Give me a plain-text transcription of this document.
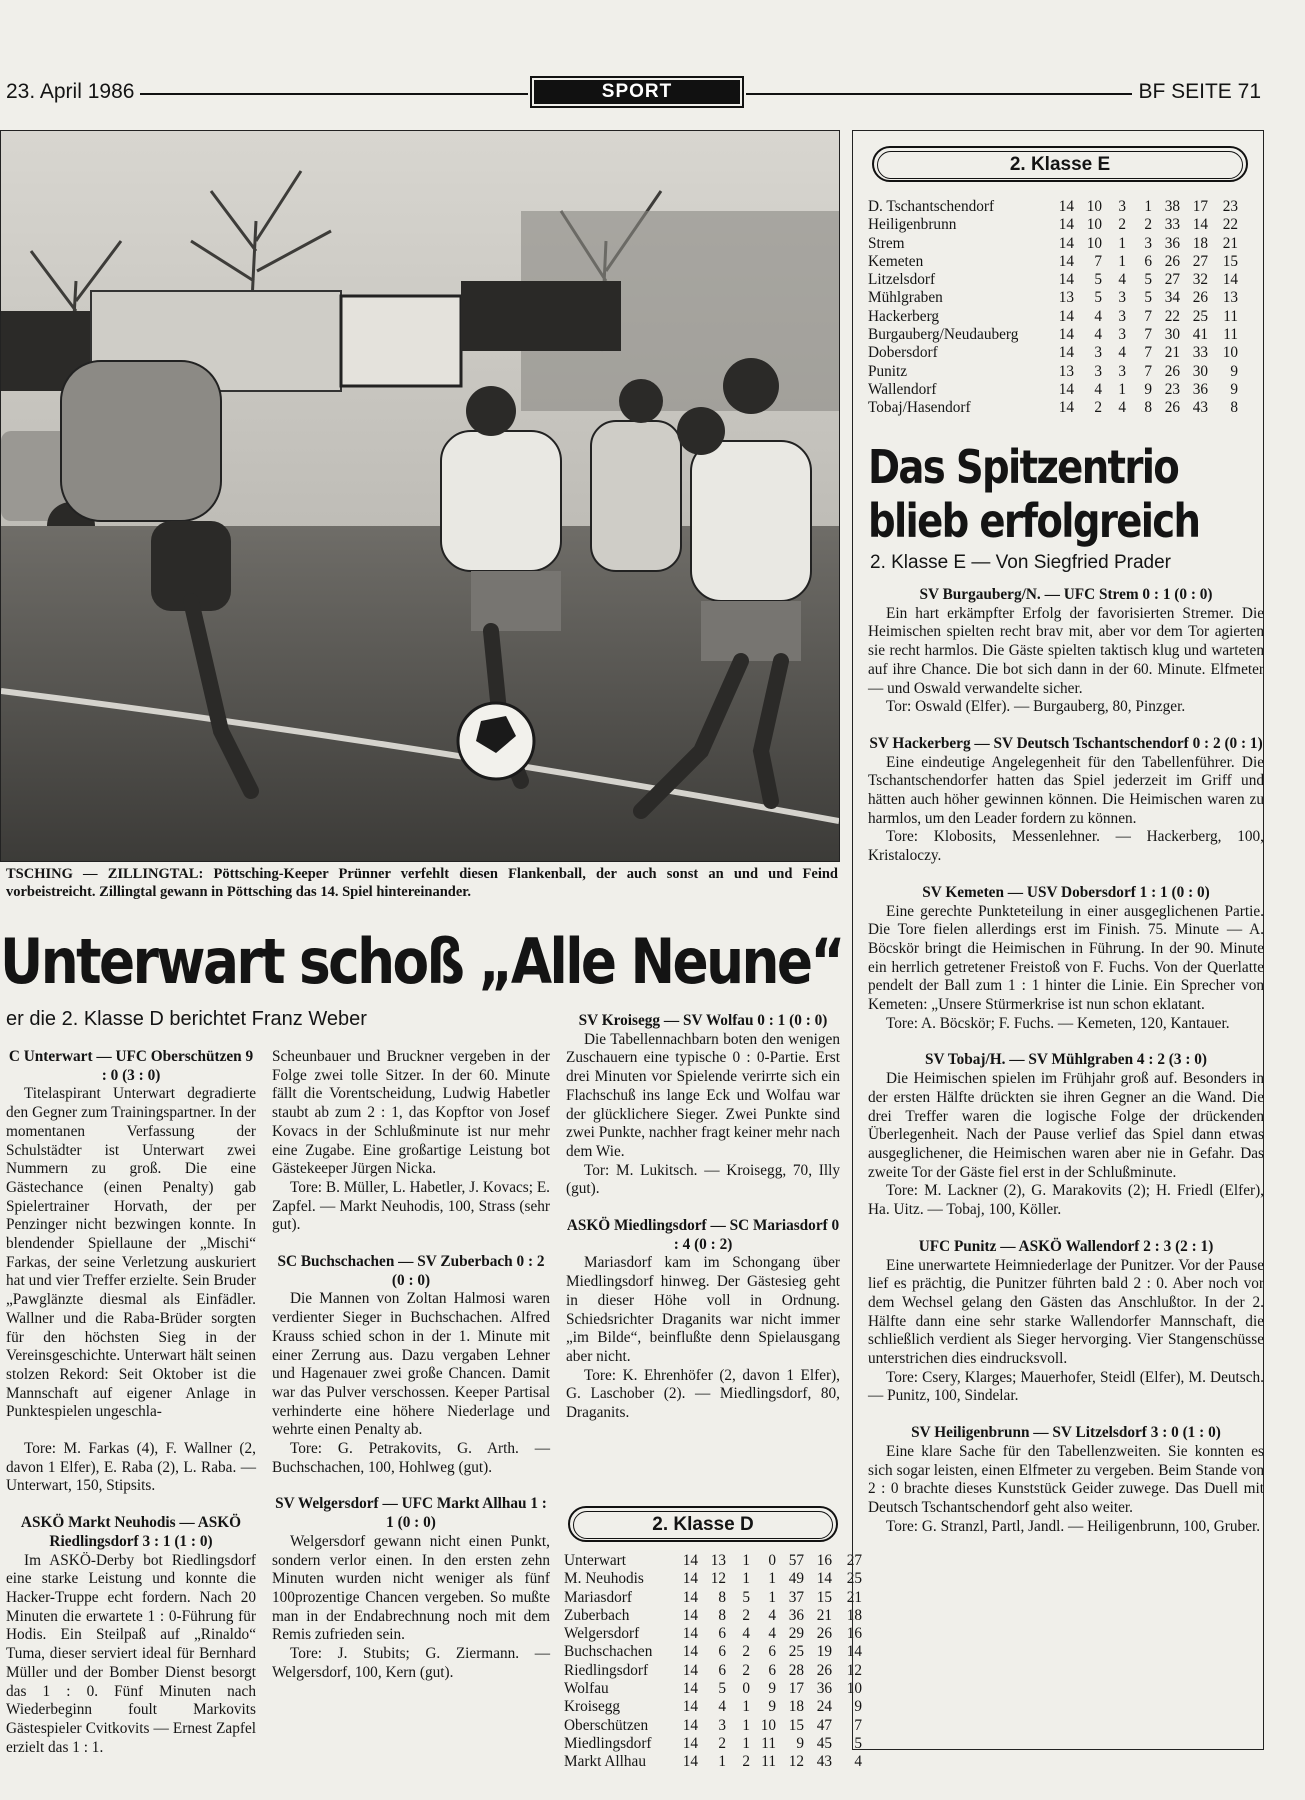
23. April 1986	SPORT	BF SEITE 71
TSCHING — ZILLINGTAL: Pöttsching-Keeper Prünner verfehlt diesen Flankenball, der auch sonst an und und Feind vorbeistreicht. Zillingtal gewann in Pöttsching das 14. Spiel hintereinander.
Unterwart schoß „Alle Neune“
er die 2. Klasse D berichtet Franz Weber

C Unterwart — UFC Oberschützen 9 : 0 (3 : 0)

Titelaspirant Unterwart degradierte den Gegner zum Trainingspartner. In der momentanen Verfassung der Schulstädter ist Unterwart zwei Nummern zu groß. Die eine Gästechance (einen Penalty) gab Spielertrainer Horvath, der per Penzinger nicht bezwingen konnte. In blendender Spiellaune der „Mischi“ Farkas, der seine Verletzung auskuriert hat und vier Treffer erzielte. Sein Bruder „Pawglänzte diesmal als Einfädler. Wallner und die Raba-Brüder sorgten für den höchsten Sieg in der Vereinsgeschichte. Unterwart hält seinen stolzen Rekord: Seit Oktober ist die Mannschaft auf eigener Anlage in Punktespielen ungeschla-

Tore: M. Farkas (4), F. Wallner (2, davon 1 Elfer), E. Raba (2), L. Raba. — Unterwart, 150, Stipsits.

ASKÖ Markt Neuhodis — ASKÖ Riedlingsdorf 3 : 1 (1 : 0)

Im ASKÖ-Derby bot Riedlingsdorf eine starke Leistung und konnte die Hacker-Truppe echt fordern. Nach 20 Minuten die erwartete 1 : 0-Führung für Hodis. Ein Steilpaß auf „Rinaldo“ Tuma, dieser serviert ideal für Bernhard Müller und der Bomber Dienst besorgt das 1 : 0. Fünf Minuten nach Wiederbeginn foult Markovits Gästespieler Cvitkovits — Ernest Zapfel erzielt das 1 : 1.

Scheunbauer und Bruckner vergeben in der Folge zwei tolle Sitzer. In der 60. Minute fällt die Vorentscheidung, Ludwig Habetler staubt ab zum 2 : 1, das Kopftor von Josef Kovacs in der Schlußminute ist nur mehr eine Zugabe. Eine großartige Leistung bot Gästekeeper Jürgen Nicka.

Tore: B. Müller, L. Habetler, J. Kovacs; E. Zapfel. — Markt Neuhodis, 100, Strass (sehr gut).

SC Buchschachen — SV Zuberbach 0 : 2 (0 : 0)

Die Mannen von Zoltan Halmosi waren verdienter Sieger in Buchschachen. Alfred Krauss schied schon in der 1. Minute mit einer Zerrung aus. Dazu vergaben Lehner und Hagenauer zwei große Chancen. Damit war das Pulver verschossen. Keeper Partisal verhinderte eine höhere Niederlage und wehrte einen Penalty ab.

Tore: G. Petrakovits, G. Arth. — Buchschachen, 100, Hohlweg (gut).

SV Welgersdorf — UFC Markt Allhau 1 : 1 (0 : 0)

Welgersdorf gewann nicht einen Punkt, sondern verlor einen. In den ersten zehn Minuten wurden nicht weniger als fünf 100prozentige Chancen vergeben. So mußte man in der Endabrechnung noch mit dem Remis zufrieden sein.

Tore: J. Stubits; G. Ziermann. — Welgersdorf, 100, Kern (gut).

SV Kroisegg — SV Wolfau 0 : 1 (0 : 0)

Die Tabellennachbarn boten den wenigen Zuschauern eine typische 0 : 0-Partie. Erst drei Minuten vor Spielende verirrte sich ein Flachschuß ins lange Eck und Wolfau war der glücklichere Sieger. Zwei Punkte sind zwei Punkte, nachher fragt keiner mehr nach dem Wie.

Tor: M. Lukitsch. — Kroisegg, 70, Illy (gut).

ASKÖ Miedlingsdorf — SC Mariasdorf 0 : 4 (0 : 2)

Mariasdorf kam im Schongang über Miedlingsdorf hinweg. Der Gästesieg geht in dieser Höhe voll in Ordnung. Schiedsrichter Draganits war nicht immer „im Bilde“, beinflußte denn Spielausgang aber nicht.

Tore: K. Ehrenhöfer (2, davon 1 Elfer), G. Laschober (2). — Miedlingsdorf, 80, Draganits.

2. Klasse D
Unterwart	14	13	1	0	57	16	27
M. Neuhodis	14	12	1	1	49	14	25
Mariasdorf	14	8	5	1	37	15	21
Zuberbach	14	8	2	4	36	21	18
Welgersdorf	14	6	4	4	29	26	16
Buchschachen	14	6	2	6	25	19	14
Riedlingsdorf	14	6	2	6	28	26	12
Wolfau	14	5	0	9	17	36	10
Kroisegg	14	4	1	9	18	24	9
Oberschützen	14	3	1	10	15	47	7
Miedlingsdorf	14	2	1	11	9	45	5
Markt Allhau	14	1	2	11	12	43	4
2. Klasse E
D. Tschantschendorf	14	10	3	1	38	17	23
Heiligenbrunn	14	10	2	2	33	14	22
Strem	14	10	1	3	36	18	21
Kemeten	14	7	1	6	26	27	15
Litzelsdorf	14	5	4	5	27	32	14
Mühlgraben	13	5	3	5	34	26	13
Hackerberg	14	4	3	7	22	25	11
Burgauberg/Neudauberg	14	4	3	7	30	41	11
Dobersdorf	14	3	4	7	21	33	10
Punitz	13	3	3	7	26	30	9
Wallendorf	14	4	1	9	23	36	9
Tobaj/Hasendorf	14	2	4	8	26	43	8
Das Spitzentrio
blieb erfolgreich
2. Klasse E — Von Siegfried Prader

SV Burgauberg/N. — UFC Strem 0 : 1 (0 : 0)

Ein hart erkämpfter Erfolg der favorisierten Stremer. Die Heimischen spielten recht brav mit, aber vor dem Tor agierten sie recht harmlos. Die Gäste spielten taktisch klug und warteten auf ihre Chance. Die bot sich dann in der 60. Minute. Elfmeter — und Oswald verwandelte sicher.

Tor: Oswald (Elfer). — Burgauberg, 80, Pinzger.

SV Hackerberg — SV Deutsch Tschantschendorf 0 : 2 (0 : 1)

Eine eindeutige Angelegenheit für den Tabellenführer. Die Tschantschendorfer hatten das Spiel jederzeit im Griff und hätten auch höher gewinnen können. Die Heimischen waren zu harmlos, um den Leader fordern zu können.

Tore: Klobosits, Messenlehner. — Hackerberg, 100, Kristaloczy.

SV Kemeten — USV Dobersdorf 1 : 1 (0 : 0)

Eine gerechte Punkteteilung in einer ausgeglichenen Partie. Die Tore fielen allerdings erst im Finish. 75. Minute — A. Böcskör bringt die Heimischen in Führung. In der 90. Minute ein herrlich getretener Freistoß von F. Fuchs. Von der Querlatte pendelt der Ball zum 1 : 1 hinter die Linie. Ein Sprecher von Kemeten: „Unsere Stürmerkrise ist nun schon eklatant.

Tore: A. Böcskör; F. Fuchs. — Kemeten, 120, Kantauer.

SV Tobaj/H. — SV Mühlgraben 4 : 2 (3 : 0)

Die Heimischen spielen im Frühjahr groß auf. Besonders in der ersten Hälfte drückten sie ihren Gegner an die Wand. Die drei Treffer waren die logische Folge der drückenden Überlegenheit. Nach der Pause verlief das Spiel dann etwas ausgeglichener, die Heimischen waren aber nie in Gefahr. Das zweite Tor der Gäste fiel erst in der Schlußminute.

Tore: M. Lackner (2), G. Marakovits (2); H. Friedl (Elfer), Ha. Uitz. — Tobaj, 100, Köller.

UFC Punitz — ASKÖ Wallendorf 2 : 3 (2 : 1)

Eine unerwartete Heimniederlage der Punitzer. Vor der Pause lief es prächtig, die Punitzer führten bald 2 : 0. Aber noch vor dem Wechsel gelang den Gästen das Anschlußtor. In der 2. Hälfte dann eine sehr starke Wallendorfer Mannschaft, die schließlich verdient als Sieger hervorging. Vier Stangenschüsse unterstrichen dies eindrucksvoll.

Tore: Csery, Klarges; Mauerhofer, Steidl (Elfer), M. Deutsch. — Punitz, 100, Sindelar.

SV Heiligenbrunn — SV Litzelsdorf 3 : 0 (1 : 0)

Eine klare Sache für den Tabellenzweiten. Sie konnten es sich sogar leisten, einen Elfmeter zu vergeben. Beim Stande von 2 : 0 brachte dieses Kunststück Geider zuwege. Das Duell mit Deutsch Tschantschendorf geht also weiter.

Tore: G. Stranzl, Partl, Jandl. — Heiligenbrunn, 100, Gruber.
